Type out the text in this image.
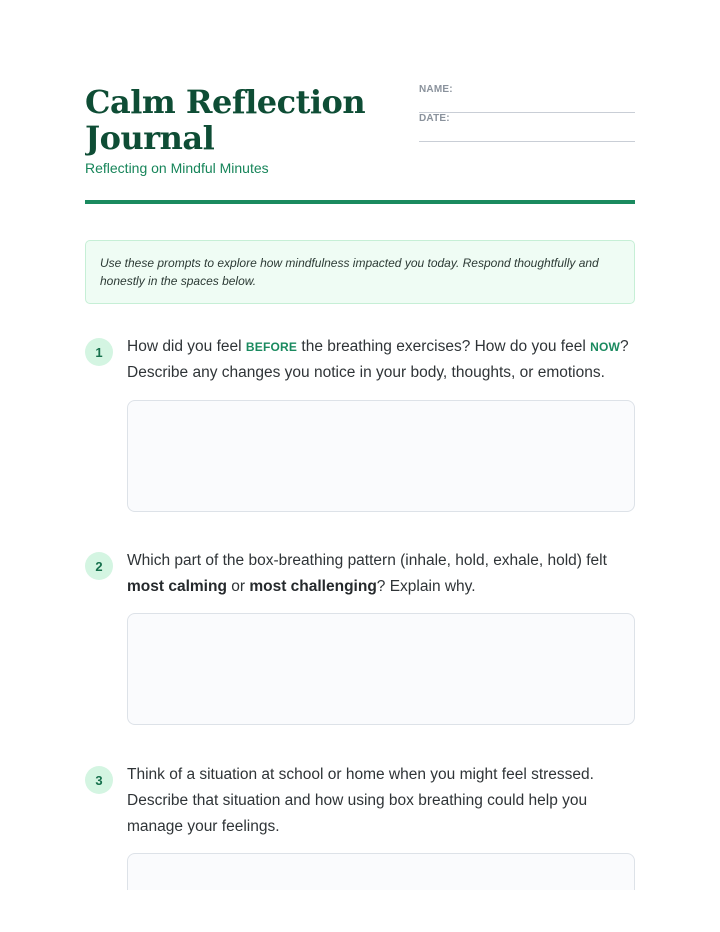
Calm Reflection Journal
Reflecting on Mindful Minutes
NAME:
DATE:
Use these prompts to explore how mindfulness impacted you today. Respond thoughtfully and honestly in the spaces below.
1	How did you feel BEFORE the breathing exercises? How do you feel NOW? Describe any changes you notice in your body, thoughts, or emotions.
2	Which part of the box-breathing pattern (inhale, hold, exhale, hold) felt most calming or most challenging? Explain why.
3	Think of a situation at school or home when you might feel stressed. Describe that situation and how using box breathing could help you manage your feelings.
